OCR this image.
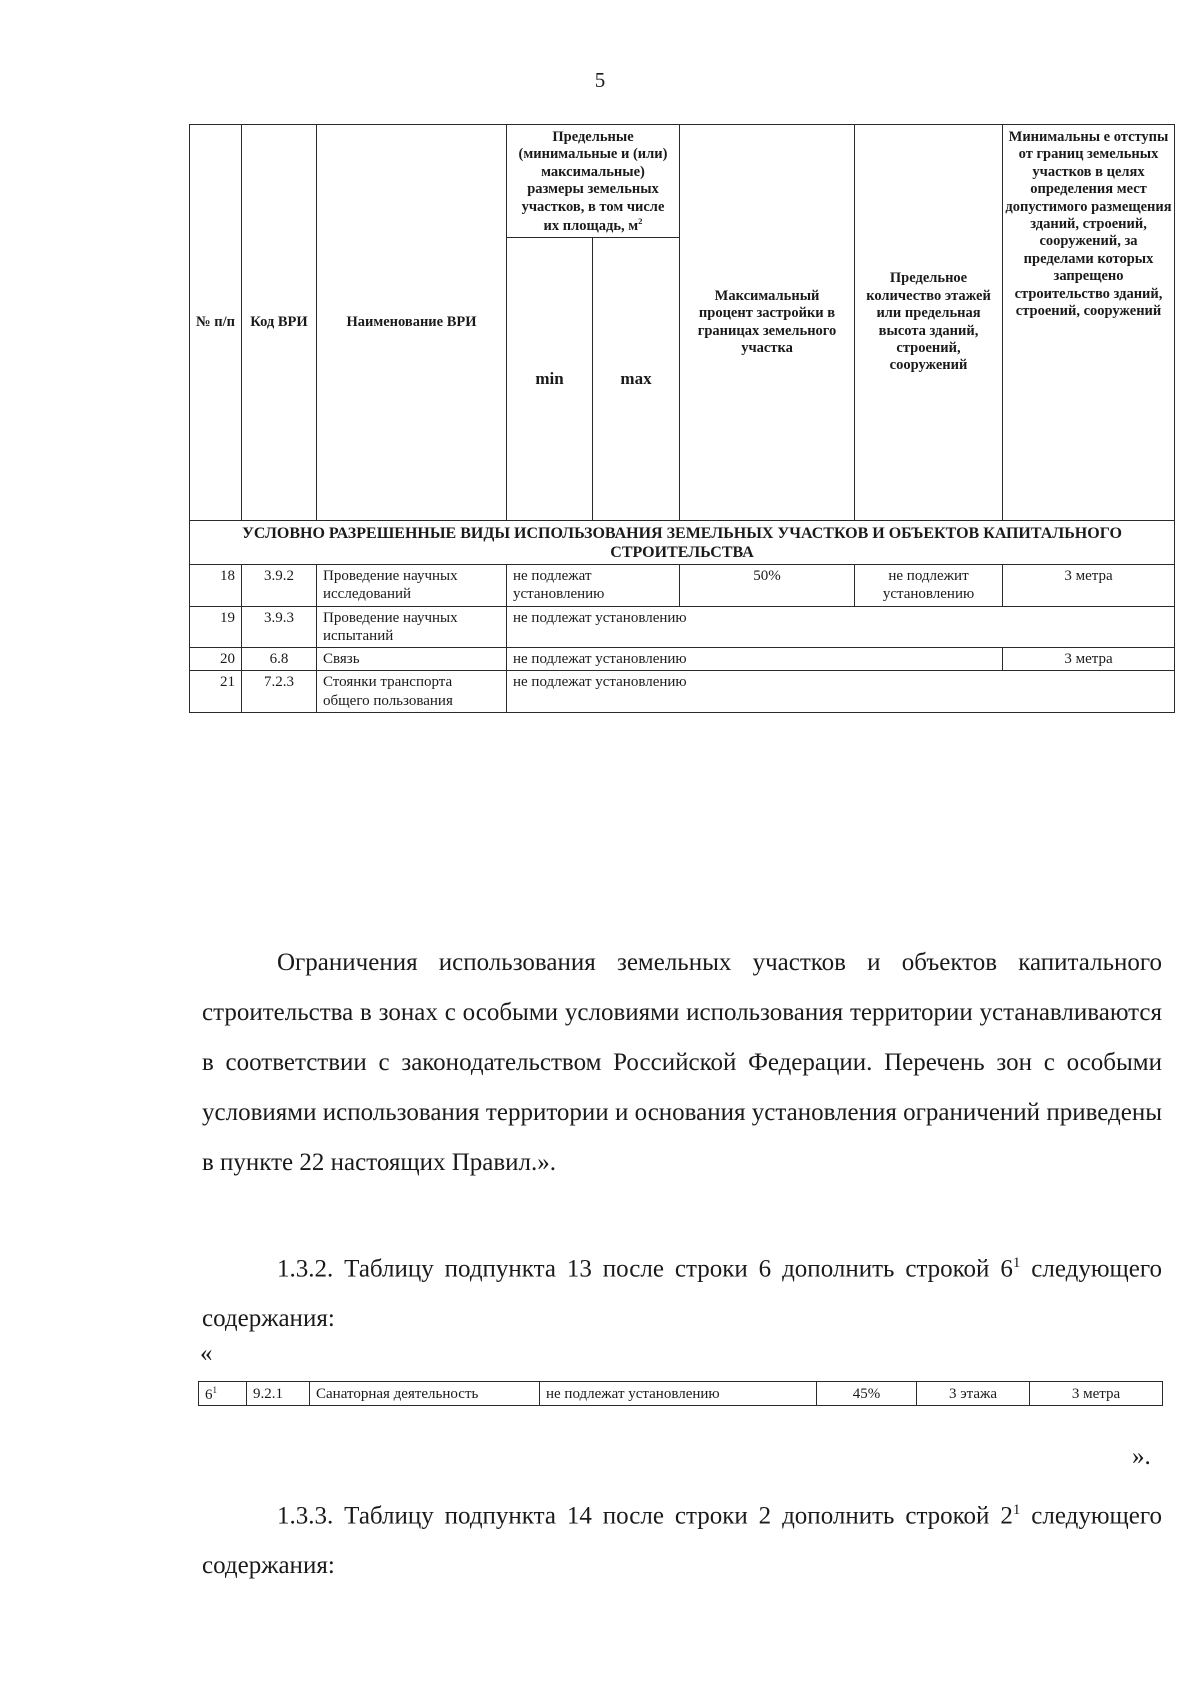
5
№ п/п	Код ВРИ	Наименование ВРИ	Предельные (минимальные и (или) максимальные) размеры земельных участков, в том числе их площадь, $м^2$		Максимальный процент застройки в границах земельного участка	Предельное количество этажей или предельная высота зданий, строений, сооружений	Минимальны е отступы от границ земельных участков в целях определения мест допустимого размещения зданий, строений, сооружений, за пределами которых запрещено строительство зданий, строений, сооружений
			min	max			
УСЛОВНО РАЗРЕШЕННЫЕ ВИДЫ ИСПОЛЬЗОВАНИЯ ЗЕМЕЛЬНЫХ УЧАСТКОВ И ОБЪЕКТОВ КАПИТАЛЬНОГО СТРОИТЕЛЬСТВА							
18	3.9.2	Проведение научных исследований	не подлежат установлению		50%	не подлежит установлению	3 метра
19	3.9.3	Проведение научных испытаний	не подлежат установлению				
20	6.8	Связь	не подлежат установлению				3 метра
21	7.2.3	Стоянки транспорта общего пользования	не подлежат установлению				
Ограничения использования земельных участков и объектов капитального строительства в зонах с особыми условиями использования территории устанавливаются в соответствии с законодательством Российской Федерации. Перечень зон с особыми условиями использования территории и основания установления ограничений приведены в пункте 22 настоящих Правил.».
1.3.2. Таблицу подпункта 13 после строки 6 дополнить строкой $6^1$ следующего содержания:
«
$6^1$	9.2.1	Санаторная деятельность	не подлежат установлению	45%	3 этажа	3 метра
».
1.3.3. Таблицу подпункта 14 после строки 2 дополнить строкой $2^1$ следующего содержания:
